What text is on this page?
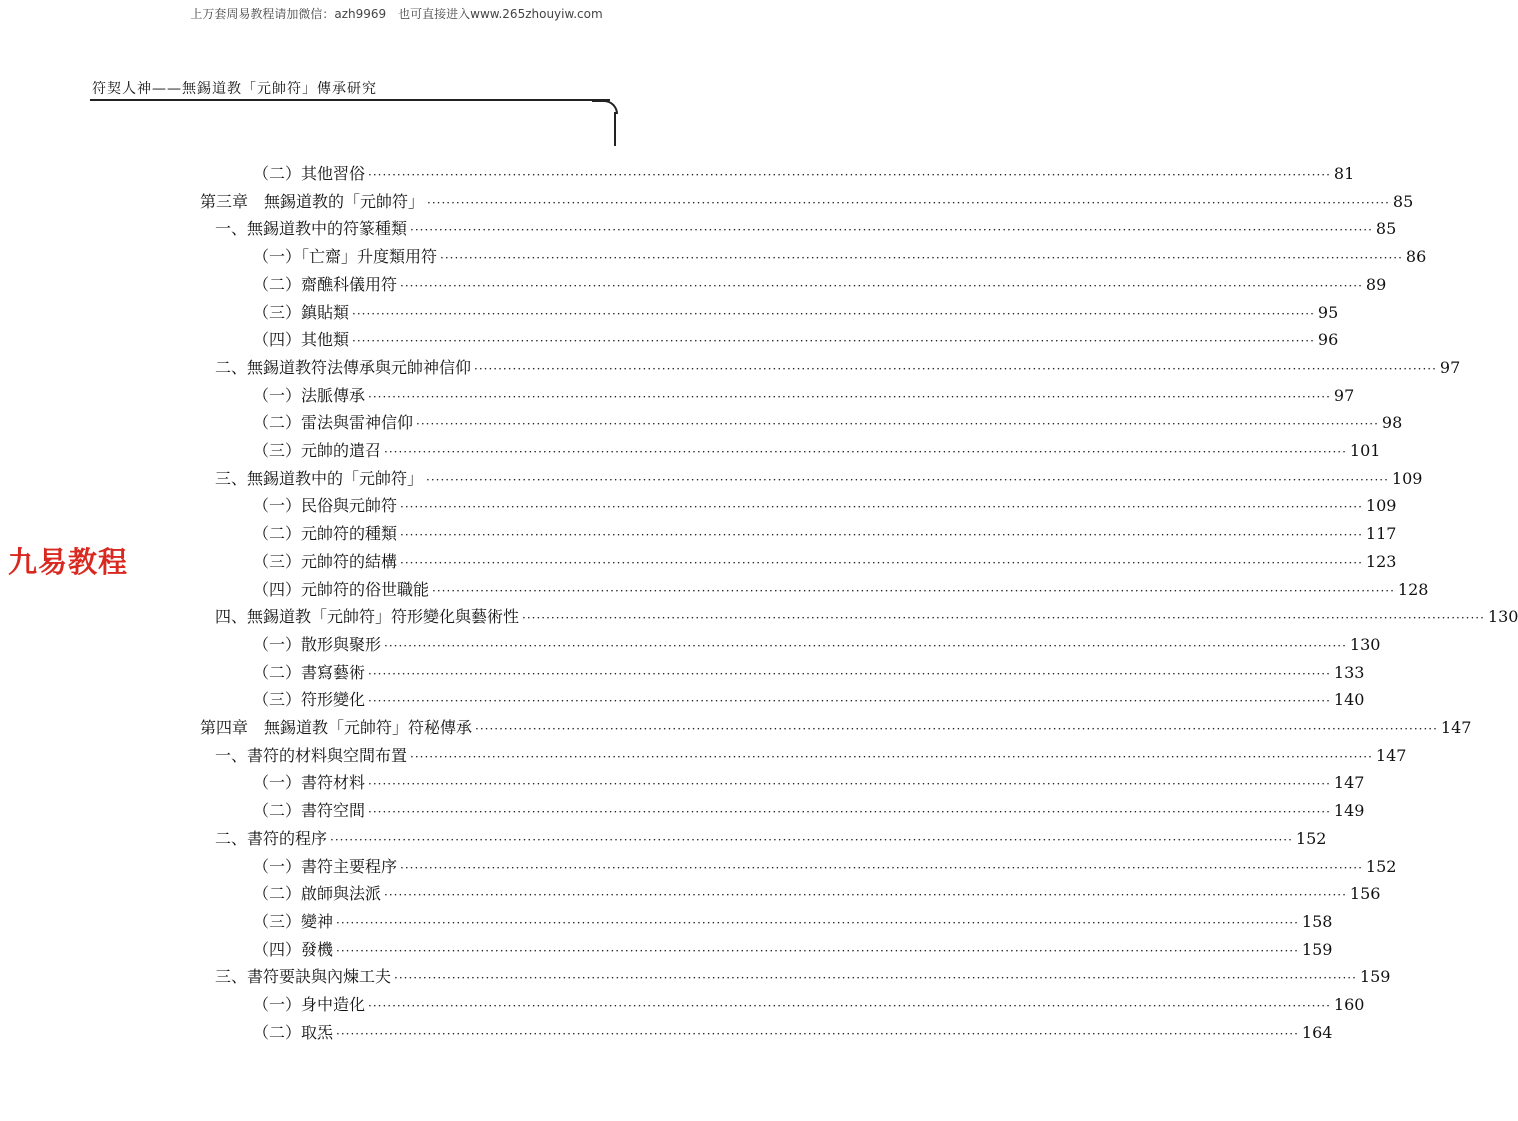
上万套周易教程请加微信：azh9969　也可直接进入www.265zhouyiw.com
符契人神——無錫道教「元帥符」傳承研究
九易教程
（二）其他習俗 ········································································································································································································ 81
第三章　無錫道教的「元帥符」 ········································································································································································································ 85
一、無錫道教中的符篆種類 ········································································································································································································ 85
（一）「亡齋」升度類用符 ········································································································································································································ 86
（二）齋醮科儀用符 ········································································································································································································ 89
（三）鎮貼類 ········································································································································································································ 95
（四）其他類 ········································································································································································································ 96
二、無錫道教符法傳承與元帥神信仰 ········································································································································································································ 97
（一）法脈傳承 ········································································································································································································ 97
（二）雷法與雷神信仰 ········································································································································································································ 98
（三）元帥的遣召 ········································································································································································································ 101
三、無錫道教中的「元帥符」 ········································································································································································································ 109
（一）民俗與元帥符 ········································································································································································································ 109
（二）元帥符的種類 ········································································································································································································ 117
（三）元帥符的結構 ········································································································································································································ 123
（四）元帥符的俗世職能 ········································································································································································································ 128
四、無錫道教「元帥符」符形變化與藝術性 ········································································································································································································ 130
（一）散形與聚形 ········································································································································································································ 130
（二）書寫藝術 ········································································································································································································ 133
（三）符形變化 ········································································································································································································ 140
第四章　無錫道教「元帥符」符秘傳承 ········································································································································································································ 147
一、書符的材料與空間布置 ········································································································································································································ 147
（一）書符材料 ········································································································································································································ 147
（二）書符空間 ········································································································································································································ 149
二、書符的程序 ········································································································································································································ 152
（一）書符主要程序 ········································································································································································································ 152
（二）啟師與法派 ········································································································································································································ 156
（三）變神 ········································································································································································································ 158
（四）發機 ········································································································································································································ 159
三、書符要訣與內煉工夫 ········································································································································································································ 159
（一）身中造化 ········································································································································································································ 160
（二）取炁 ········································································································································································································ 164
